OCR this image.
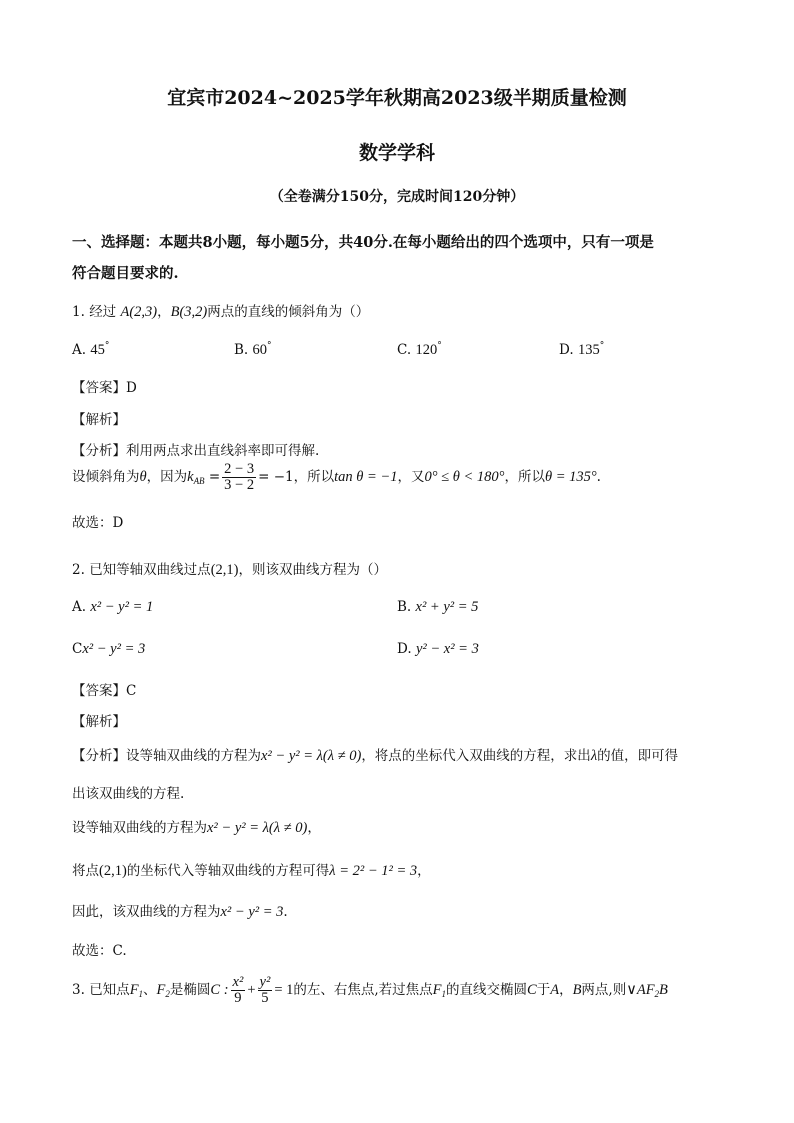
宜宾市2024~2025学年秋期高2023级半期质量检测
数学学科
（全卷满分150分，完成时间120分钟）
一、选择题：本题共8小题，每小题5分，共40分.在每小题给出的四个选项中，只有一项是
符合题目要求的.
1. 经过 A(2,3)，B(3,2)两点的直线的倾斜角为（）
A. 45°	B. 60°	C. 120°	D. 135°
【答案】D
【解析】
【分析】利用两点求出直线斜率即可得解.
设倾斜角为θ，因为$k_{AB} = \frac{2 - 3}{3 - 2} = -1$，所以tan θ = −1，又0° ≤ θ < 180°，所以θ = 135°.
故选：D
2. 已知等轴双曲线过点(2,1)，则该双曲线方程为（）
A. x² − y² = 1	B. x² + y² = 5
Cx² − y² = 3	D. y² − x² = 3
【答案】C
【解析】
【分析】设等轴双曲线的方程为x² − y² = λ(λ ≠ 0)，将点的坐标代入双曲线的方程，求出λ的值，即可得
出该双曲线的方程.
设等轴双曲线的方程为x² − y² = λ(λ ≠ 0)，
将点(2,1)的坐标代入等轴双曲线的方程可得λ = 2² − 1² = 3，
因此，该双曲线的方程为x² − y² = 3.
故选：C.
3. 已知点$F_1$、$F_2$是椭圆C : $\frac{\text{x²}}{9} + \frac{\text{y²}}{5} = 1$的左、右焦点,若过焦点$F_1$的直线交椭圆C于A，B两点,则$\vee AF_2B$
